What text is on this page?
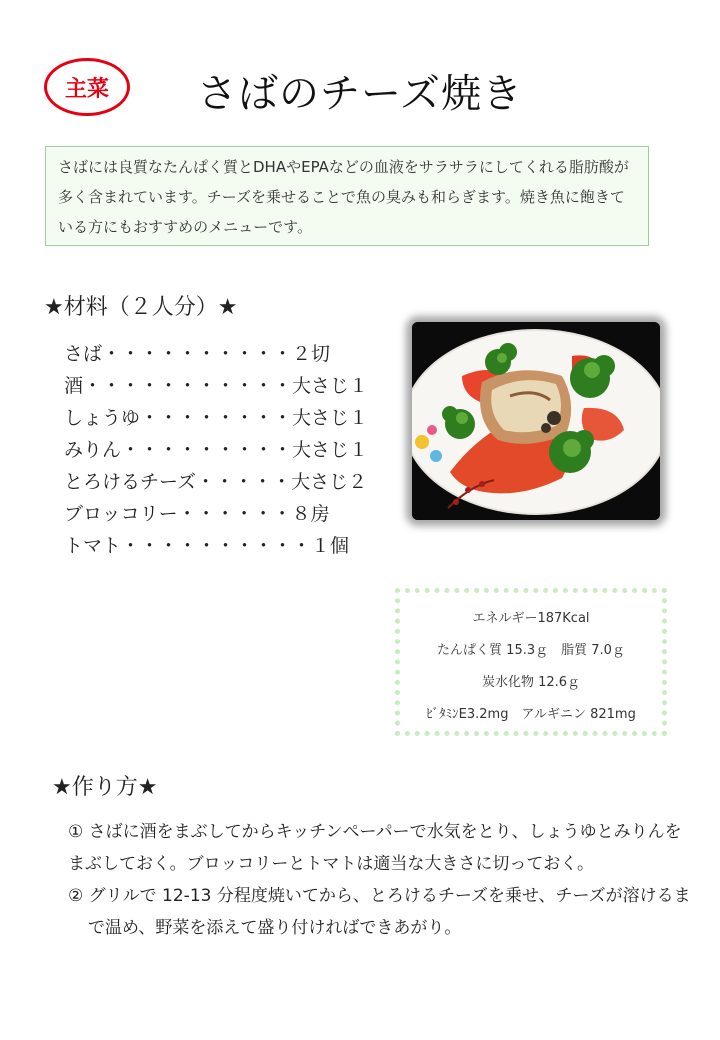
主菜	さばのチーズ焼き
さばには良質なたんぱく質とDHAやEPAなどの血液をサラサラにしてくれる脂肪酸が多く含まれています。チーズを乗せることで魚の臭みも和らぎます。焼き魚に飽きている方にもおすすめのメニューです。
★材料（２人分）★
さば・・・・・・・・・・２切
酒・・・・・・・・・・・大さじ１
しょうゆ・・・・・・・・大さじ１
みりん・・・・・・・・・大さじ１
とろけるチーズ・・・・・大さじ２
ブロッコリー・・・・・・８房
トマト・・・・・・・・・・１個
エネルギー187Kcal
たんぱく質 15.3ｇ　脂質 7.0ｇ
炭水化物 12.6ｇ
ﾋﾞﾀﾐﾝE3.2mg　アルギニン 821mg
★作り方★

① さばに酒をまぶしてからキッチンペーパーで水気をとり、しょうゆとみりんをまぶしておく。ブロッコリーとトマトは適当な大きさに切っておく。

② グリルで 12-13 分程度焼いてから、とろけるチーズを乗せ、チーズが溶けるまで温め、野菜を添えて盛り付ければできあがり。
